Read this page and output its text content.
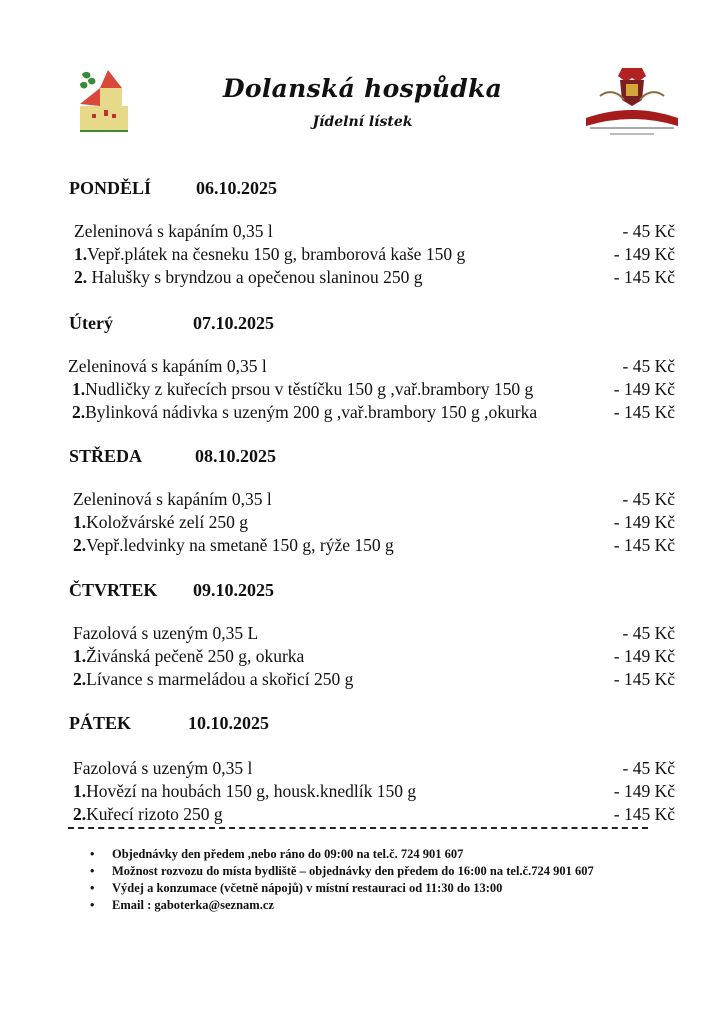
Dolanská hospůdka
Jídelní lístek
PONDĚLÍ 06.10.2025
Zeleninová s kapáním 0,35 l	- 45 Kč
1.Vepř.plátek na česneku 150 g, bramborová kaše 150 g	- 149 Kč
2. Halušky s bryndzou a opečenou slaninou 250 g	- 145 Kč
Úterý	07.10.2025
Zeleninová s kapáním 0,35 l	- 45 Kč
1.Nudličky z kuřecích prsou v těstíčku 150 g ,vař.brambory 150 g	- 149 Kč
2.Bylinková nádivka s uzeným 200 g ,vař.brambory 150 g ,okurka	- 145 Kč
STŘEDA	08.10.2025
Zeleninová s kapáním 0,35 l	- 45 Kč
1.Koložvárské zelí 250 g	- 149 Kč
2.Vepř.ledvinky na smetaně 150 g, rýže 150 g	- 145 Kč
ČTVRTEK 09.10.2025
Fazolová s uzeným 0,35 L	- 45 Kč
1.Živánská pečeně 250 g, okurka	- 149 Kč
2.Lívance s marmeládou a skořicí 250 g	- 145 Kč
PÁTEK	10.10.2025
Fazolová s uzeným 0,35 l	- 45 Kč
1.Hovězí na houbách 150 g, housk.knedlík 150 g	- 149 Kč
2.Kuřecí rizoto 250 g	- 145 Kč
• Objednávky den předem ,nebo ráno do 09:00 na tel.č. 724 901 607
• Možnost rozvozu do místa bydliště – objednávky den předem do 16:00 na tel.č.724 901 607
• Výdej a konzumace (včetně nápojů) v místní restauraci od 11:30 do 13:00
• Email : gaboterka@seznam.cz
